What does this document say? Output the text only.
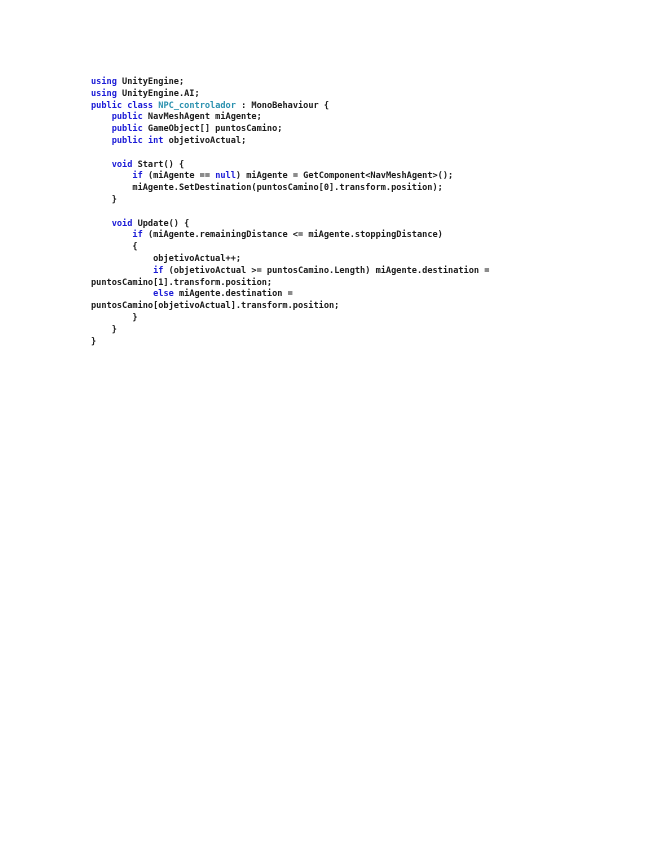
using UnityEngine;
using UnityEngine.AI;
public class NPC_controlador : MonoBehaviour {
public NavMeshAgent miAgente;
public GameObject[] puntosCamino;
public int objetivoActual;
void Start() {
if (miAgente == null) miAgente = GetComponent<NavMeshAgent>();
miAgente.SetDestination(puntosCamino[0].transform.position);
}
void Update() {
if (miAgente.remainingDistance <= miAgente.stoppingDistance)
{
objetivoActual++;
if (objetivoActual >= puntosCamino.Length) miAgente.destination =
puntosCamino[1].transform.position;
else miAgente.destination =
puntosCamino[objetivoActual].transform.position;
}
}
}
